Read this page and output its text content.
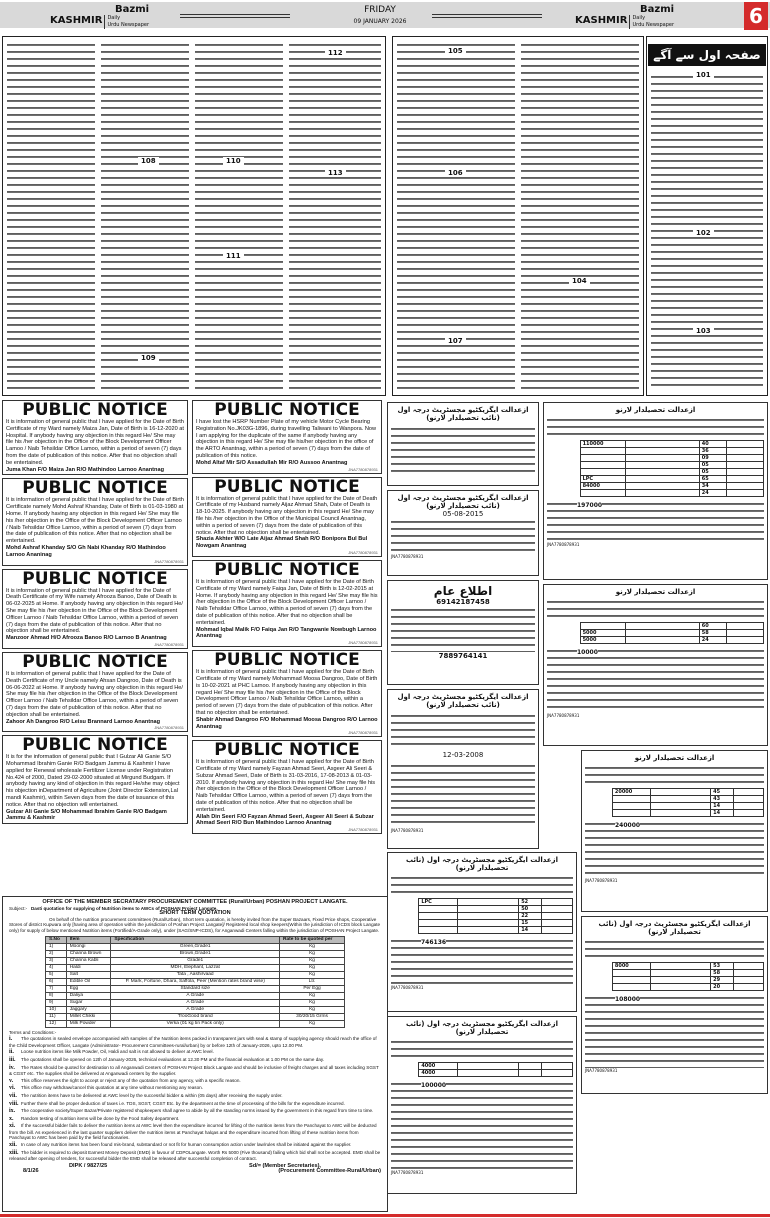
Bazmi
KASHMIR Daily
Urdu Newspaper
FRIDAY
09 JANUARY 2026
Bazmi
KASHMIR Daily
Urdu Newspaper	6
112
113
110
111
108
109
105
106
107
104
101
102
103
صفحہ اول سے آگے
PUBLIC NOTICE
It is information of general public that I have applied for the Date of Birth Certificate of my Ward namely Maiza Jan, Date of Birth is 16-12-2020 at Hospital. If anybody having any objection in this regard He/ She may file his /her objection in the Office of the Block Development Officer Lamoo / Naib Tehsildar Office Lamoo, within a period of seven (7) days from the date of publication of this notice. After that no objection shall be entertained.
Juma Khan F/O Maiza Jan R/O Mathindoo Larnoo Anantnag
PUBLIC NOTICE
It is information of general public that I have applied for the Date of Birth Certificate namely Mohd Ashraf Khanday, Date of Birth is 01-03-1980 at Home. If anybody having any objection in this regard He/ She may file his /her objection in the Office of the Block Development Officer Larnoo / Naib Tehsildar Office Larnoo, within a period of seven (7) days from the date of publication of this notice. After that no objection shall be entertained.
Mohd Ashraf Khanday S/O Gh Nabi Khanday R/O Mathindoo Larnoo Ananinag
JNA7780878931
PUBLIC NOTICE
It is information of general public that I have applied for the Date of Death Certificate of my Wife namely Afrooza Banoo, Date of Death is 06-02-2025 at Home. If anybody having any objection in this regard He/ She may file his /her objection in the Office of the Block Development Officer Larnoo / Naib Tehsildar Office Larnoo, within a period of seven (7) days from the date of publication of this notice. After that no objection shall be entertained.
Manzoor Ahmad H/O Afrooza Banoo R/O Larnoo B Anantnag
JNA7780878931
PUBLIC NOTICE
It is information of general public that I have applied for the Date of Death Certificate of my Uncle namely Ahsan Dangroo, Date of Death is 06-06-2022 at Home. If anybody having any objection in this regard He/ She may file his /her objection in the Office of the Block Development Officer Larnoo / Naib Tehsildar Office Larnoo, within a period of seven (7) days from the date of publication of this notice. After that no objection shall be entertained.
Zahoor Ah Dangroo R/O Leisu Brannard Larnoo Anantnag
JNA7780878931
PUBLIC NOTICE
It is for the information of general public that I Gulzar Ali Ganie S/O Mohammad Ibrahim Ganie R/O Badgam Jammu & Kashmir I have applied for Renewal wholesale Fertilizer License under Registration No.424 of 2000, Dated 29-02-2000 situated at Mirgund Budgam. If anybody having any kind of objection in this regard He/she may object his objection inDepartment of Agriculture (Joint Director Extension,Lal mandi Kashmir), within Seven days from the date of issuance of this notice. After that no objection will entertained.
Gulzar Ali Ganie S/O Mohammad Ibrahim Ganie R/O Badgam Jammu & Kashmir
PUBLIC NOTICE
I have lost the HSRP Number Plate of my vehicle Motor Cycle Bearing Registration No.JK03G-1896, during travelling Taliwani to Wanpora. Now I am applying for the duplicate of the same if anybody having any objection in this regard He/ She may file his/her objection in the office of the ARTO Anantnag, within a period of seven (7) days from the date of publication of this notice.
Mohd Altaf Mir S/O Assadullah Mir R/O Aussoo Anantnag
JNA7780878931
PUBLIC NOTICE
It is information of general public that I have applied for the Date of Death Certificate of my Husband namely Aijaz Ahmad Shah, Date of Death is 18-10-2025. If anybody having any objection in this regard He/ She may file his /her objection in the Office of the Municipal Council Anantnag, within a period of seven (7) days from the date of publication of this notice. After that no objection shall be entertained.
Shazia Akhter W/O Late Aijaz Ahmad Shah R/O Bonipora Bul Bul Nowgam Anantnag
JNA7780878931
PUBLIC NOTICE
It is information of general public that I have applied for the Date of Birth Certificate of my Ward namely Faiqa Jan, Date of Birth is 12-02-2015 at Home. If anybody having any objection in this regard He/ She may file his /her objection in the Office of the Block Development Officer Larnoo / Naib Tehsildar Office Larnoo, within a period of seven (7) days from the date of publication of this notice. After that no objection shall be entertained.
Mohmad Iqbal Malik F/O Faiqa Jan R/O Tangwanie Nowbugh Larnoo Anantnag
JNA7780878931
PUBLIC NOTICE
It is information of general public that I have applied for the Date of Birth Certificate of my Ward namely Mohammad Moosa Dangroo, Date of Birth is 10-02-2021 at PHC Larnoo. If anybody having any objection in this regard He/ She may file his /her objection in the Office of the Block Development Officer Larnoo / Naib Tehsildar Office Larnoo, within a period of seven (7) days from the date of publication of this notice. After that no objection shall be entertained.
Shabir Ahmad Dangroo F/O Mohammad Moosa Dangroo R/O Larnoo Anantnag
JNA7780878931
PUBLIC NOTICE
It is information of general public that I have applied for the Date of Birth Certificate of my Ward namely Fayzan Ahmad Seeri, Asgeer Ali Seeri & Subzar Ahmad Seeri, Date of Birth is 31-03-2016, 17-08-2013 & 01-03-2010. If anybody having any objection in this regard He/ She may file his /her objection in the Office of the Block Development Officer Larnoo / Naib Tehsildar Office Larnoo, within a period of seven (7) days from the date of publication of this notice. After that no objection shall be entertained.
Allah Din Seeri F/O Fayzan Ahmad Seeri, Asgeer Ali Seeri & Subzar Ahmad Seeri R/O Bun Mathindoo Larnoo Anantnag
JNA7780878931
ازعدالت ایگزیکٹیو مجسٹریٹ درجہ اول (نائب تحصیلدار لارنو)
ازعدالت ایگزیکٹیو مجسٹریٹ درجہ اول (نائب تحصیلدار لارنو)
05-08-2015
JNA7780878931
اطلاع عام
69142187458
7889764141
ازعدالت ایگزیکٹیو مجسٹریٹ درجہ اول (نائب تحصیلدار لارنو)
12-03-2008
JNA7780878931
ازعدالت تحصیلدار لارنو
110000		40	
		36	
		09	
		05	
		05	
LPC		65	
84000		34	
		24	
197000
JNA7780878931
ازعدالت تحصیلدار لارنو
		60	
5000		58	
5000		24	
10000
JNA7780878931
ازعدالت ایگزیکٹیو مجسٹریٹ درجہ اول (نائب تحصیلدار لارنو)
LPC		52	
		50	
		22	
		15	
		14	
746136
JNA7780878931
ازعدالت تحصیلدار لارنو
20000		45	
		43	
		14	
		14	
240000
JNA7780878931
ازعدالت ایگزیکٹیو مجسٹریٹ درجہ اول (نائب تحصیلدار لارنو)
4000			
4000			
100000
JNA7780878931
ازعدالت ایگزیکٹیو مجسٹریٹ درجہ اول (نائب تحصیلدار لارنو)
8000		53	
		58	
		29	
		20	
108000
JNA7780878931
OFFICE OF THE MEMBER SECRATARY PROCUREMENT COMMITTEE (Rural/Urban) POSHAN PROJECT LANGATE.
Subject:- Dasti quotation for supplying of Nutrition items to AWCs of POSHAN Project Langate.
SHORT TERM QUOTATION
On behalf of the nutrition procurement committees (Rural/Urban), Short term quotation, is hereby invited from the Super Bazaars, Fixed Price shops, Cooperative Stores of district Kupwara only [having area of operation within the jurisdiction of Poshan Project Langate]/ Registered local shop keepers(Within the jurisdiction of ICDS block Langate only) for supply of below mentioned Nutrition items (Fortified/A-Grade only), under (SAG/SNP-ICDS), for Anganwadi Centers falling within the jurisdiction of POSHAN Project Langate.
S.No	Item	Specification	Rate to be quoted per
1)	Moongi	Green,Grade1	Kg
2)	Channa Brown	Brown,Grade1	Kg
3)	Channa Kabli	Grade1	Kg
4)	Haldi	MDH, Elephant, Lazzat	Kg
5)	Salt	Tata , Aashirvaad	Kg
6)	Edible Oil	P. Mark, Fortune, Dhara, Saffola, Peer (Mention rates brand wise)	Ltr.
7)	Egg	Standard size	Per Egg
8)	Daliya	A Grade	Kg
9)	Sugar	A Grade	Kg
10)	Jaggary	A Grade	Kg
11)	Millet Chikki	TrooGood brand	30/20/15 Grms
12)	Milk Powder	Verka (01 kg tin Pack only)	Kg
Terms and Conditions:-
i. The quotations in sealed envelope accompanied with samples of the Nutrition items packed in transparent jars with seal & stamp of supplying agency should reach the office of the Child Development Officer, Langate (Administrator- Procurement Committees-rural/urban) by or before 12th of January-2026, upto 12.00 PM.
ii. Loose nutrition items like Milk Powder, Oil, Haldi and salt is not allowed to deliver at AWC level.
iii. The quotations shall be opened on 12th of January-2026, technical evaluations at 12.30 PM and the financial evaluation at 1.00 PM on the same day.
iv. The Rates should be quoted for destination to all Anganwadi Centers of POSHAN Project Block Langate and should be inclusive of freight charges and all taxes including SGST & CGST etc. The supplies shall be delivered at Anganwadi centers by the supplier.
v. This office reserves the right to accept or reject any of the quotation from any agency, with a specific reason.
vi. This office may withdraw/cancel this quotation at any time without mentioning any reason.
vii. The nutrition items have to be delivered at AWC level by the successful bidder & within (05 days) after receiving the supply order.
viii. Further there shall be proper deduction of taxes i.e. TDS, SGST, CGST Etc. by the department at the time of processing of the bills for the expenditure incurred.
ix. The cooperative society/Super Bazar/Private registered shopkeepers shall agree to abide by all the standing norms issued by the government in this regard from time to time.
x. Random testing of nutrition items will be done by the Food Safety department.
xi. If the successful bidder fails to deliver the nutrition items at AWC level then the expenditure incurred for lifting of the nutrition items from the Panchayat to AWC will be deducted from the bill. As experienced in the last quarter suppliers deliver the nutrition items at Panchayat halqas and the expenditure incurred from lifting of these nutrition items from Panchayat to AWC has been paid by the field functionaries.
xii. In case of any nutrition items has been found mis-brand, substandard or not fit for human consumption action under law/rules shall be initiated against the supplier.
xiii. The bidder is required to deposit Earnest Money Deposit (EMD) in favour of CDPOLangate. Worth Rs 5000 (Five thousand) failing which bid shall not be accepted. EMD shall be released after opening of tenders, for successful bidder the EMD shall be released after successful completion of contract.
DIPK / 9827/25	Sd/= (Member Secretaries),
8/1/26	(Procurement Committee-Rural/Urban)
